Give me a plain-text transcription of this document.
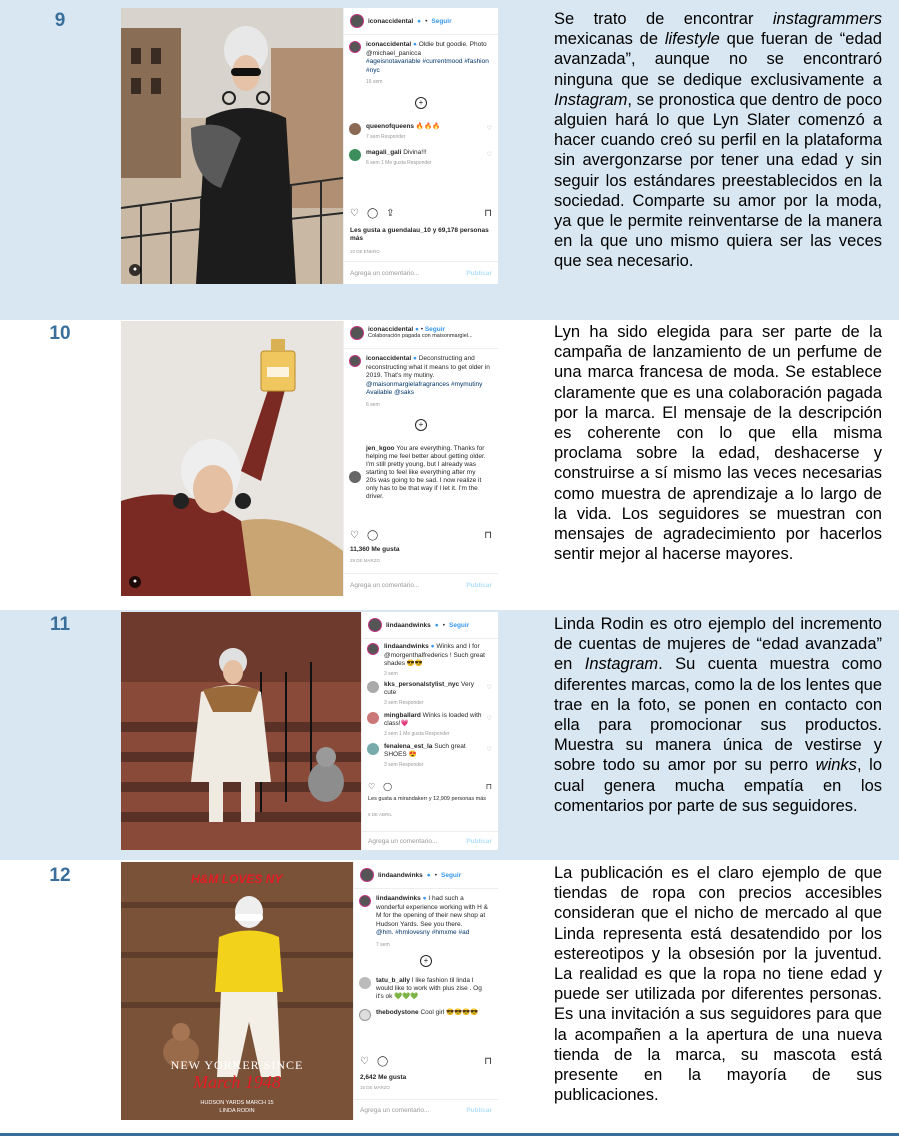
9
●
iconaccidental ● • Seguir
iconaccidental ● Oldie but goodie. Photo @michael_panicca
#ageisnotavariable #currentmood #fashion #nyc
16 sem
+
queenofqueens 🔥🔥🔥
7 sem Responder
♡
magali_gali Divina!!!
6 sem 1 Me gusta Responder
♡
♡ ◯ ⇪	⊓
Les gusta a guendalau_10 y 69,178 personas más
10 DE ENERO
Agrega un comentario...	Publicar
Se trato de encontrar instagrammers mexicanas de lifestyle que fueran de “edad avanzada”, aunque no se encontraró ninguna que se dedique exclusivamente a Instagram, se pronostica que dentro de poco alguien hará lo que Lyn Slater comenzó a hacer cuando creó su perfil en la plataforma sin avergonzarse por tener una edad y sin seguir los estándares preestablecidos en la sociedad. Comparte su amor por la moda, ya que le permite reinventarse de la manera en la que uno mismo quiera ser las veces que sea necesario.
10
●
iconaccidental ● • Seguir
Colaboración pagada con maisonmargiel...
iconaccidental ● Deconstructing and reconstructing what it means to get older in 2019. That's my mutiny.
@maisonmargielafragrances #mymutiny Available @saks
6 sem
+
jen_kgoo You are everything. Thanks for helping me feel better about getting older. I'm still pretty young, but I already was starting to feel like everything after my 20s was going to be sad. I now realize it only has to be that way if I let it. I'm the driver.
♡ ◯	⊓
11,360 Me gusta
29 DE MARZO
Agrega un comentario...	Publicar
Lyn ha sido elegida para ser parte de la campaña de lanzamiento de un perfume de una marca francesa de moda. Se establece claramente que es una colaboración pagada por la marca. El mensaje de la descripción es coherente con lo que ella misma proclama sobre la edad, deshacerse y construirse a sí mismo las veces necesarias como muestra de aprendizaje a lo largo de la vida. Los seguidores se muestran con mensajes de agradecimiento por hacerlos sentir mejor al hacerse mayores.
11	lindaandwinks ● • Seguir
lindaandwinks ● Winks and I for @morgenthalfrederics ! Such great shades 😎😎
3 sem
kks_personalstylist_nyc Very cute
3 sem Responder
♡
mingballard Winks is loaded with class!💗
3 sem 1 Me gusta Responder
♡
fenalena_est_la Such great SHOES 😍
3 sem Responder
♡
♡ ◯	⊓
Les gusta a mirandakerr y 12,909 personas más
6 DE ABRIL
Agrega un comentario...	Publicar
Linda Rodin es otro ejemplo del incremento de cuentas de mujeres de “edad avanzada” en Instagram. Su cuenta muestra como diferentes marcas, como la de los lentes que trae en la foto, se ponen en contacto con ella para promocionar sus productos. Muestra su manera única de vestirse y sobre todo su amor por su perro winks, lo cual genera mucha empatía en los comentarios por parte de sus seguidores.
12	H&M LOVES NY
NEW YORKER SINCE
March 1948
HUDSON YARDS MARCH 15
LINDA RODIN
lindaandwinks ● • Seguir
lindaandwinks ● I had such a wonderful experience working with H & M for the opening of their new shop at Hudson Yards. See you there.
@hm. #hmlovesny #hmxme #ad
7 sem
+
tatu_b_ally I like fashion til linda I would like to work with plus zise . Og it's ok 💚💚💚
thebodystone Cool girl 😎😎😎😎
♡ ◯	⊓
2,642 Me gusta
15 DE MARZO
Agrega un comentario...	Publicar
La publicación es el claro ejemplo de que tiendas de ropa con precios accesibles consideran que el nicho de mercado al que Linda representa está desatendido por los estereotipos y la obsesión por la juventud. La realidad es que la ropa no tiene edad y puede ser utilizada por diferentes personas. Es una invitación a sus seguidores para que la acompañen a la apertura de una nueva tienda de la marca, su mascota está presente en la mayoría de sus publicaciones.
